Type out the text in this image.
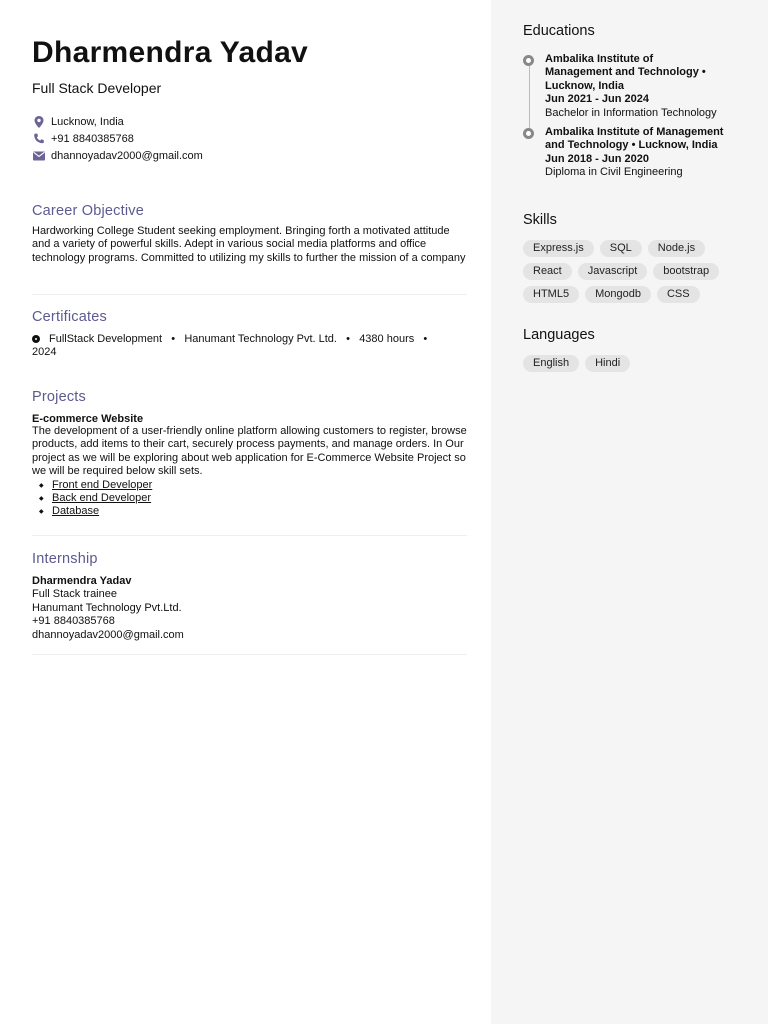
Dharmendra Yadav
Full Stack Developer
Lucknow, India
+91 8840385768
dhannoyadav2000@gmail.com
Career Objective
Hardworking College Student seeking employment. Bringing forth a motivated attitude and a variety of powerful skills. Adept in various social media platforms and office technology programs. Committed to utilizing my skills to further the mission of a company
Certificates
FullStack Development   •   Hanumant Technology Pvt. Ltd.   •   4380 hours   •
2024
Projects
E-commerce Website
The development of a user-friendly online platform allowing customers to register, browse products, add items to their cart, securely process payments, and manage orders. In Our project as we will be exploring about web application for E-Commerce Website Project so we will be required below skill sets.
◆ Front end Developer
◆ Back end Developer
◆ Database
Internship
Dharmendra Yadav
Full Stack trainee
Hanumant Technology Pvt.Ltd.
+91 8840385768
dhannoyadav2000@gmail.com
Educations
Ambalika Institute of
Management and Technology •
Lucknow, India
Jun 2021 - Jun 2024
Bachelor in Information Technology
Ambalika Institute of Management
and Technology • Lucknow, India
Jun 2018 - Jun 2020
Diploma in Civil Engineering
Skills
Express.js	SQL	Node.js
React	Javascript	bootstrap
HTML5	Mongodb	CSS
Languages
English	Hindi
